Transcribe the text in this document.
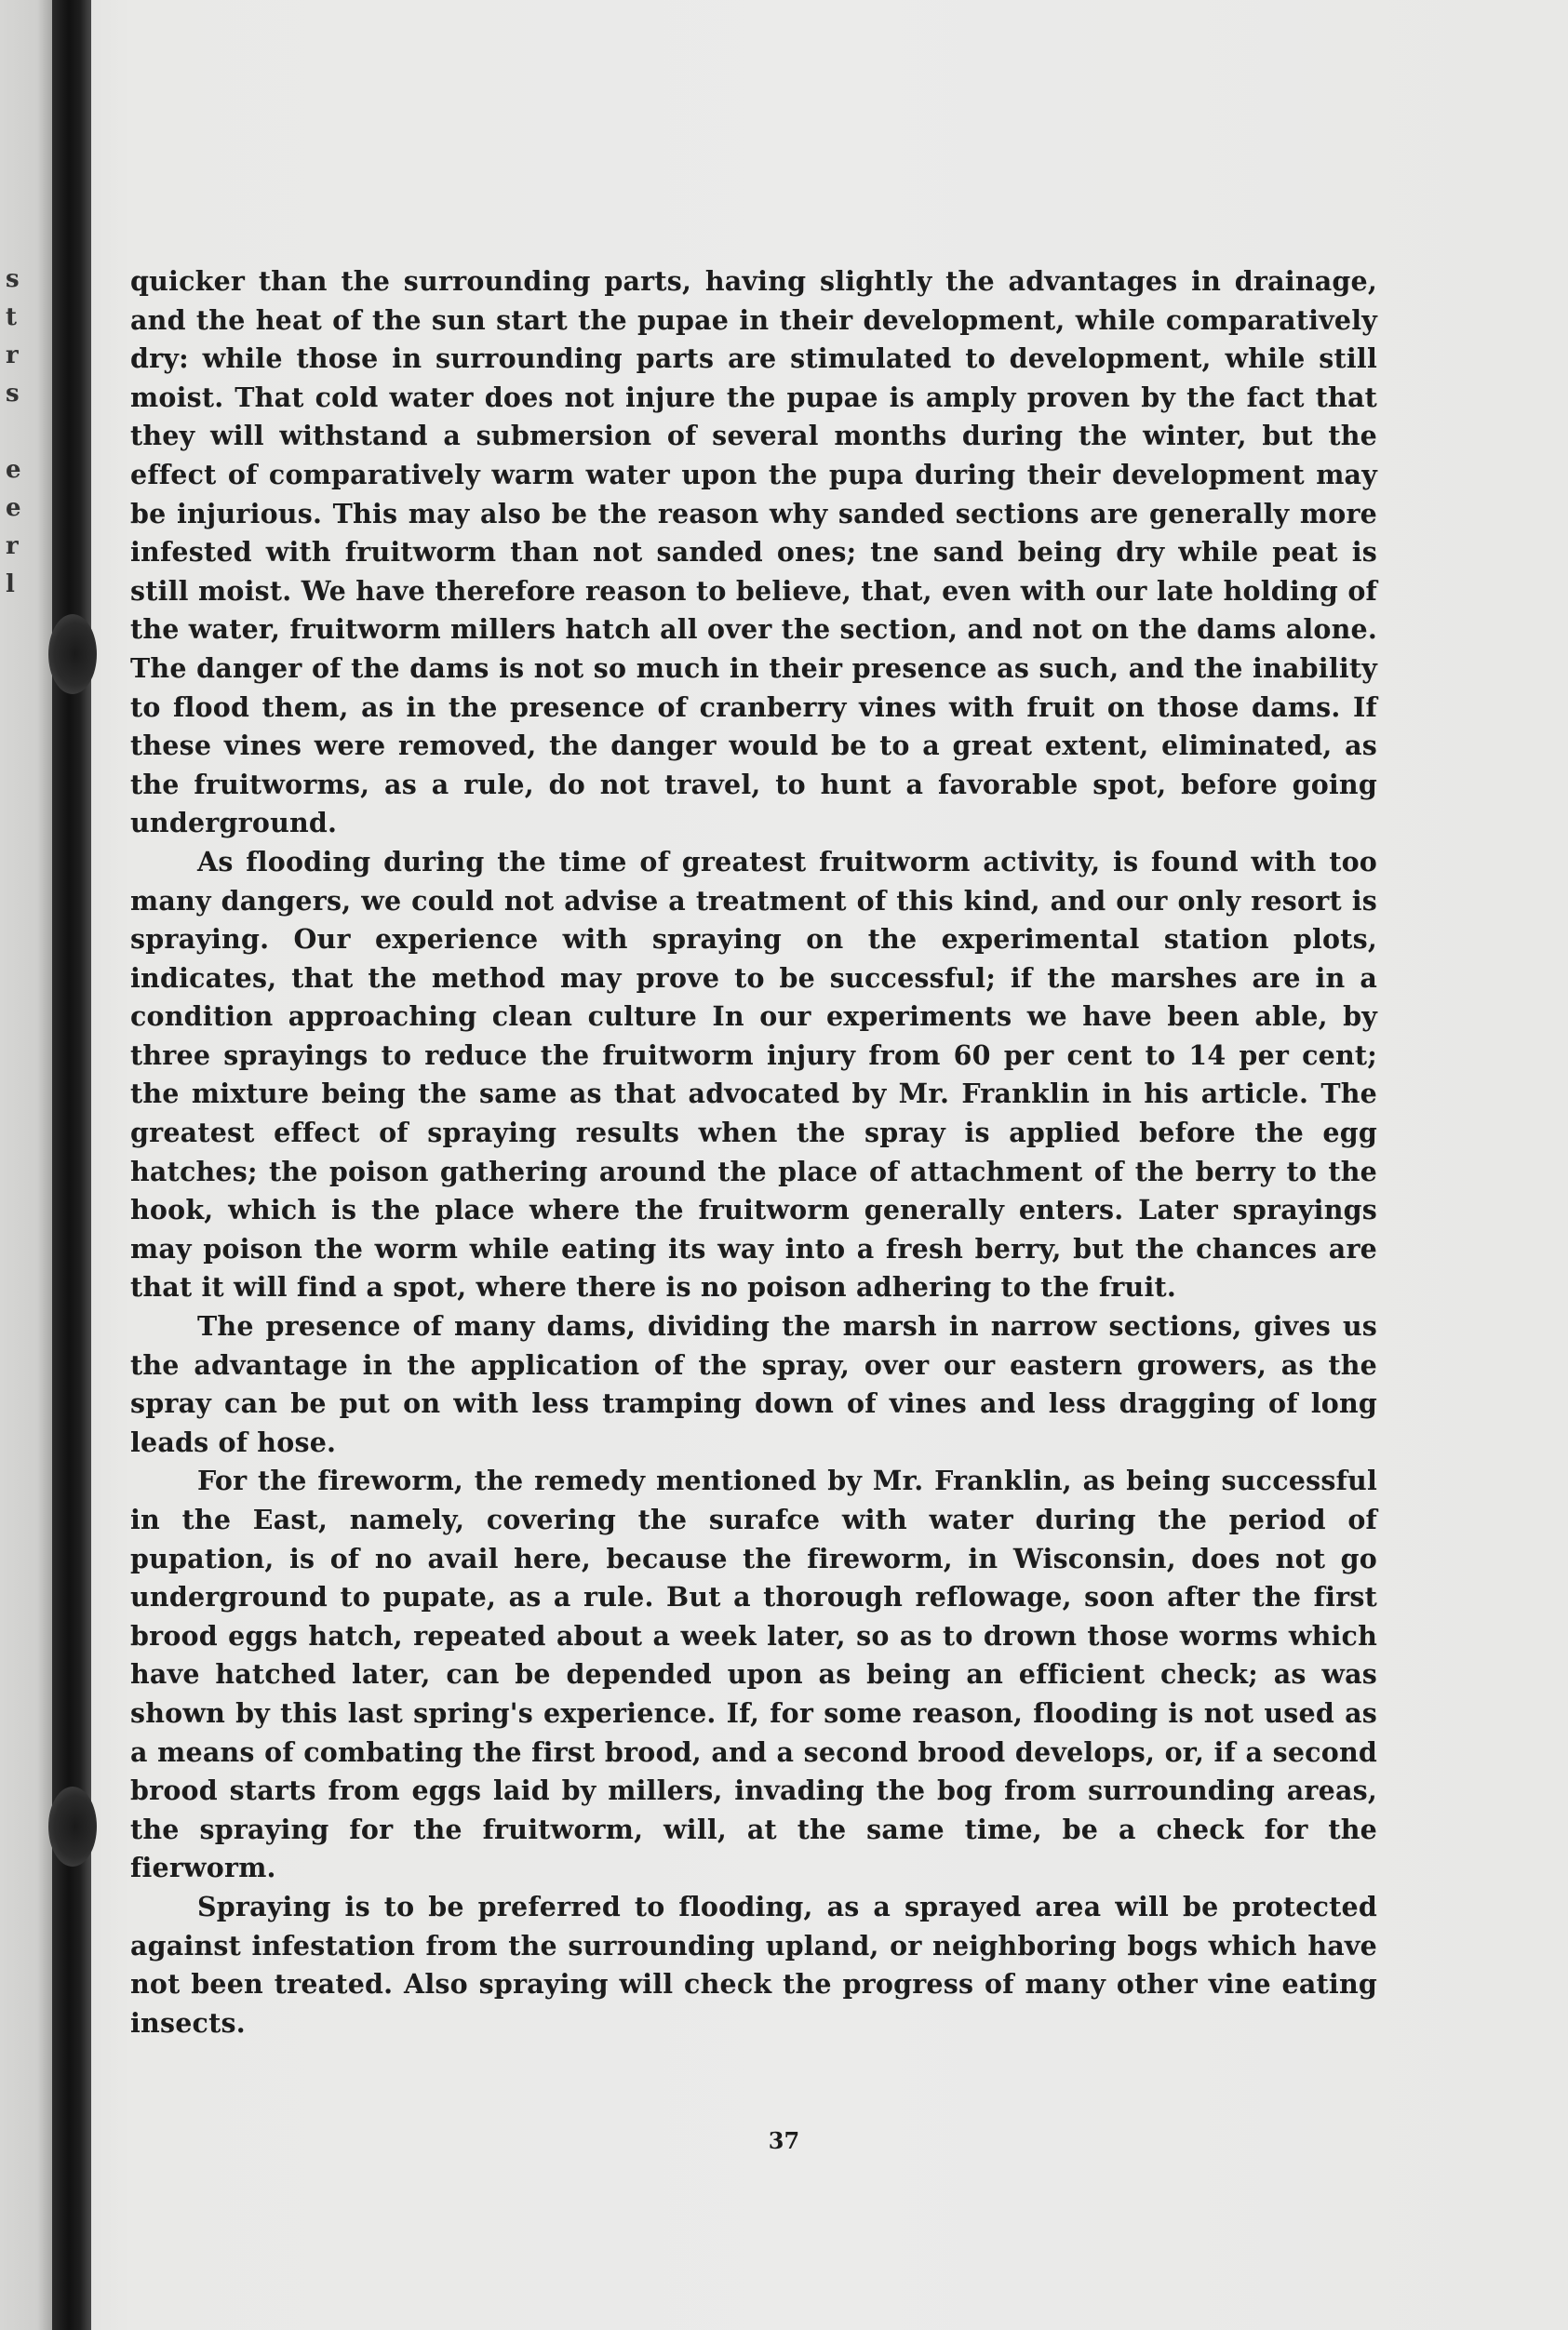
s
t
r
s

e
e
r
l

quicker than the surrounding parts, having slightly the advantages in drainage, and the heat of the sun start the pupae in their development, while comparatively dry: while those in surrounding parts are stimulated to development, while still moist. That cold water does not injure the pupae is amply proven by the fact that they will withstand a submersion of several months during the winter, but the effect of comparatively warm water upon the pupa during their development may be injurious. This may also be the reason why sanded sections are generally more infested with fruitworm than not sanded ones; tne sand being dry while peat is still moist. We have therefore reason to believe, that, even with our late holding of the water, fruitworm millers hatch all over the section, and not on the dams alone. The danger of the dams is not so much in their presence as such, and the inability to flood them, as in the presence of cranberry vines with fruit on those dams. If these vines were removed, the danger would be to a great extent, eliminated, as the fruitworms, as a rule, do not travel, to hunt a favorable spot, before going underground.

As flooding during the time of greatest fruitworm activity, is found with too many dangers, we could not advise a treatment of this kind, and our only resort is spraying. Our experience with spraying on the experimental station plots, indicates, that the method may prove to be successful; if the marshes are in a condition approaching clean culture In our experiments we have been able, by three sprayings to reduce the fruitworm injury from 60 per cent to 14 per cent; the mixture being the same as that advocated by Mr. Franklin in his article. The greatest effect of spraying results when the spray is applied before the egg hatches; the poison gathering around the place of attachment of the berry to the hook, which is the place where the fruitworm generally enters. Later sprayings may poison the worm while eating its way into a fresh berry, but the chances are that it will find a spot, where there is no poison adhering to the fruit.

The presence of many dams, dividing the marsh in narrow sections, gives us the advantage in the application of the spray, over our eastern growers, as the spray can be put on with less tramping down of vines and less dragging of long leads of hose.

For the fireworm, the remedy mentioned by Mr. Franklin, as being successful in the East, namely, covering the surafce with water during the period of pupation, is of no avail here, because the fireworm, in Wisconsin, does not go underground to pupate, as a rule. But a thorough reflowage, soon after the first brood eggs hatch, repeated about a week later, so as to drown those worms which have hatched later, can be depended upon as being an efficient check; as was shown by this last spring's experience. If, for some reason, flooding is not used as a means of combating the first brood, and a second brood develops, or, if a second brood starts from eggs laid by millers, invading the bog from surrounding areas, the spraying for the fruitworm, will, at the same time, be a check for the fierworm.

Spraying is to be preferred to flooding, as a sprayed area will be protected against infestation from the surrounding upland, or neighboring bogs which have not been treated. Also spraying will check the progress of many other vine eating insects.

37
